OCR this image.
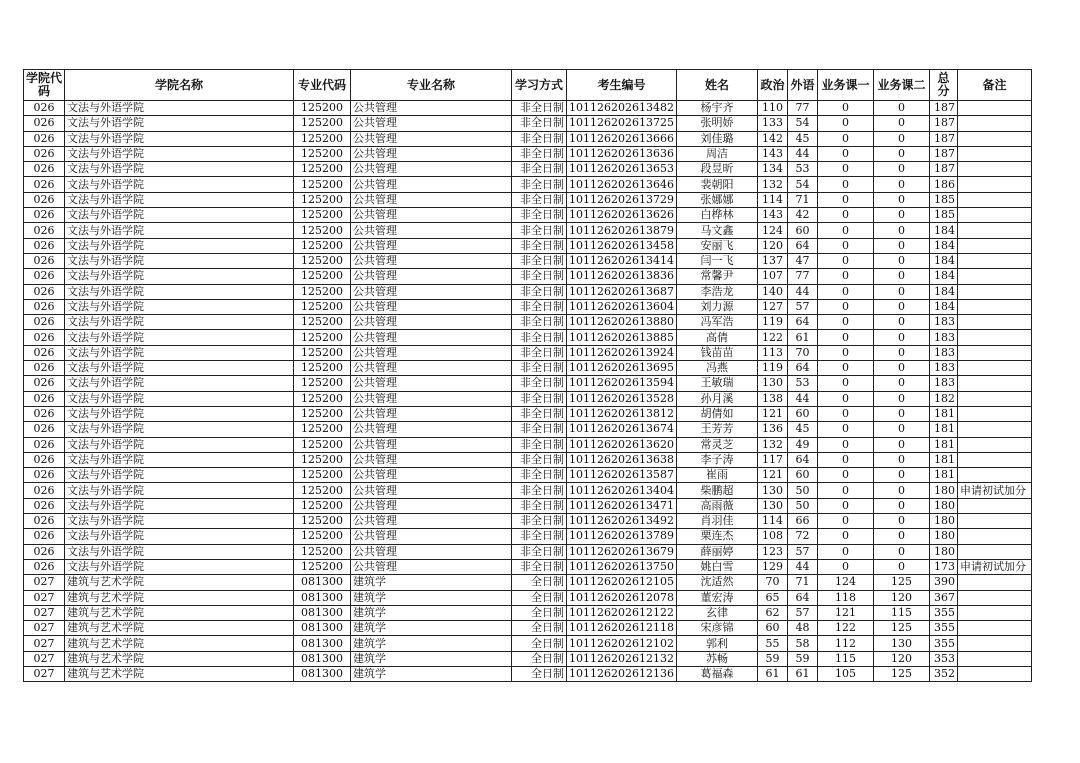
学院代码	学院名称	专业代码	专业名称	学习方式	考生编号	姓名	政治	外语	业务课一	业务课二	总分	备注
026	文法与外语学院	125200	公共管理	非全日制	101126202613482	杨宇齐	110	77	0	0	187	
026	文法与外语学院	125200	公共管理	非全日制	101126202613725	张明娇	133	54	0	0	187	
026	文法与外语学院	125200	公共管理	非全日制	101126202613666	刘佳璐	142	45	0	0	187	
026	文法与外语学院	125200	公共管理	非全日制	101126202613636	周洁	143	44	0	0	187	
026	文法与外语学院	125200	公共管理	非全日制	101126202613653	段昱昕	134	53	0	0	187	
026	文法与外语学院	125200	公共管理	非全日制	101126202613646	裴朝阳	132	54	0	0	186	
026	文法与外语学院	125200	公共管理	非全日制	101126202613729	张娜娜	114	71	0	0	185	
026	文法与外语学院	125200	公共管理	非全日制	101126202613626	白桦林	143	42	0	0	185	
026	文法与外语学院	125200	公共管理	非全日制	101126202613879	马文鑫	124	60	0	0	184	
026	文法与外语学院	125200	公共管理	非全日制	101126202613458	安丽飞	120	64	0	0	184	
026	文法与外语学院	125200	公共管理	非全日制	101126202613414	闫一飞	137	47	0	0	184	
026	文法与外语学院	125200	公共管理	非全日制	101126202613836	常馨尹	107	77	0	0	184	
026	文法与外语学院	125200	公共管理	非全日制	101126202613687	李浩龙	140	44	0	0	184	
026	文法与外语学院	125200	公共管理	非全日制	101126202613604	刘力源	127	57	0	0	184	
026	文法与外语学院	125200	公共管理	非全日制	101126202613880	冯军浩	119	64	0	0	183	
026	文法与外语学院	125200	公共管理	非全日制	101126202613885	高倩	122	61	0	0	183	
026	文法与外语学院	125200	公共管理	非全日制	101126202613924	钱苗苗	113	70	0	0	183	
026	文法与外语学院	125200	公共管理	非全日制	101126202613695	冯燕	119	64	0	0	183	
026	文法与外语学院	125200	公共管理	非全日制	101126202613594	王敏瑞	130	53	0	0	183	
026	文法与外语学院	125200	公共管理	非全日制	101126202613528	孙月溪	138	44	0	0	182	
026	文法与外语学院	125200	公共管理	非全日制	101126202613812	胡倩如	121	60	0	0	181	
026	文法与外语学院	125200	公共管理	非全日制	101126202613674	王芳芳	136	45	0	0	181	
026	文法与外语学院	125200	公共管理	非全日制	101126202613620	常灵芝	132	49	0	0	181	
026	文法与外语学院	125200	公共管理	非全日制	101126202613638	李子涛	117	64	0	0	181	
026	文法与外语学院	125200	公共管理	非全日制	101126202613587	崔雨	121	60	0	0	181	
026	文法与外语学院	125200	公共管理	非全日制	101126202613404	柴鹏超	130	50	0	0	180	申请初试加分
026	文法与外语学院	125200	公共管理	非全日制	101126202613471	高雨薇	130	50	0	0	180	
026	文法与外语学院	125200	公共管理	非全日制	101126202613492	肖羽佳	114	66	0	0	180	
026	文法与外语学院	125200	公共管理	非全日制	101126202613789	栗连杰	108	72	0	0	180	
026	文法与外语学院	125200	公共管理	非全日制	101126202613679	薛丽婷	123	57	0	0	180	
026	文法与外语学院	125200	公共管理	非全日制	101126202613750	姚白雪	129	44	0	0	173	申请初试加分
027	建筑与艺术学院	081300	建筑学	全日制	101126202612105	沈适然	70	71	124	125	390	
027	建筑与艺术学院	081300	建筑学	全日制	101126202612078	董宏涛	65	64	118	120	367	
027	建筑与艺术学院	081300	建筑学	全日制	101126202612122	玄律	62	57	121	115	355	
027	建筑与艺术学院	081300	建筑学	全日制	101126202612118	宋彦锦	60	48	122	125	355	
027	建筑与艺术学院	081300	建筑学	全日制	101126202612102	郭利	55	58	112	130	355	
027	建筑与艺术学院	081300	建筑学	全日制	101126202612132	苏畅	59	59	115	120	353	
027	建筑与艺术学院	081300	建筑学	全日制	101126202612136	葛福森	61	61	105	125	352	
